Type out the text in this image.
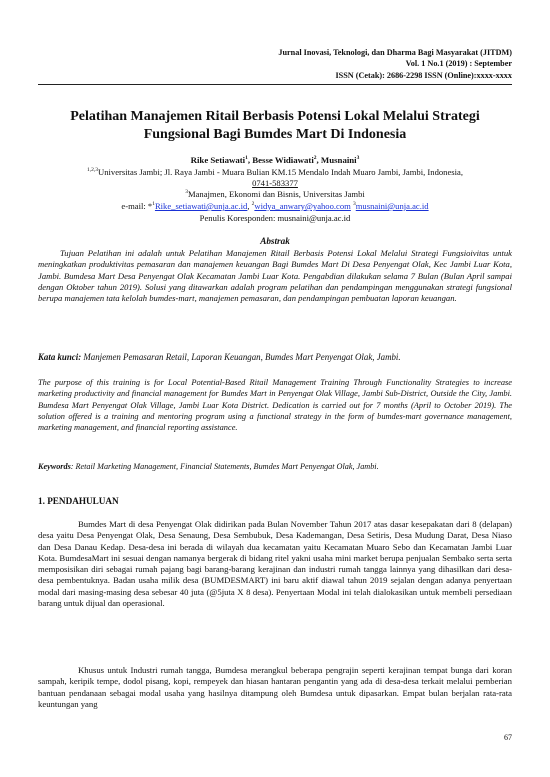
Jurnal Inovasi, Teknologi, dan Dharma Bagi Masyarakat (JITDM)
Vol. 1 No.1 (2019) : September
ISSN (Cetak): 2686-2298 ISSN (Online):xxxx-xxxx
Pelatihan Manajemen Ritail Berbasis Potensi Lokal Melalui Strategi
Fungsional Bagi Bumdes Mart Di Indonesia
Rike Setiawati$^1$, Besse Widiawati$^2$, Musnaini$^3$
$^{1,2,3}$Universitas Jambi; Jl. Raya Jambi - Muara Bulian KM.15 Mendalo Indah Muaro Jambi, Jambi, Indonesia,
0741-583377
$^3$Manajmen, Ekonomi dan Bisnis, Universitas Jambi
e-mail: *$^1$Rike_setiawati@unja.ac.id, $^2$widya_anwary@yahoo.com $^3$musnaini@unja.ac.id
Penulis Koresponden: musnaini@unja.ac.id
Abstrak
Tujuan Pelatihan ini adalah untuk Pelatihan Manajemen Ritail Berbasis Potensi Lokal Melalui Strategi Fungsioivitas untuk meningkatkan produktivitas pemasaran dan manajemen keuangan Bagi Bumdes Mart Di Desa Penyengat Olak, Kec Jambi Luar Kota, Jambi. Bumdesa Mart Desa Penyengat Olak Kecamatan Jambi Luar Kota. Pengabdian dilakukan selama 7 Bulan (Bulan April sampai dengan Oktober tahun 2019). Solusi yang ditawarkan adalah program pelatihan dan pendampingan menggunakan strategi fungsional berupa manajemen tata kelolah bumdes-mart, manajemen pemasaran, dan pendampingan pembuatan laporan keuangan.
Kata kunci: Manjemen Pemasaran Retail, Laporan Keuangan, Bumdes Mart Penyengat Olak, Jambi.
The purpose of this training is for Local Potential-Based Ritail Management Training Through Functionality Strategies to increase marketing productivity and financial management for Bumdes Mart in Penyengat Olak Village, Jambi Sub-District, Outside the City, Jambi. Bumdesa Mart Penyengat Olak Village, Jambi Luar Kota District. Dedication is carried out for 7 months (April to October 2019). The solution offered is a training and mentoring program using a functional strategy in the form of bumdes-mart governance management, marketing management, and financial reporting assistance.
Keywords: Retail Marketing Management, Financial Statements, Bumdes Mart Penyengat Olak, Jambi.
1. PENDAHULUAN
Bumdes Mart di desa Penyengat Olak didirikan pada Bulan November Tahun 2017 atas dasar kesepakatan dari 8 (delapan) desa yaitu Desa Penyengat Olak, Desa Senaung, Desa Sembubuk, Desa Kademangan, Desa Setiris, Desa Mudung Darat, Desa Niaso dan Desa Danau Kedap. Desa-desa ini berada di wilayah dua kecamatan yaitu Kecamatan Muaro Sebo dan Kecamatan Jambi Luar Kota. BumdesaMart ini sesuai dengan namanya bergerak di bidang ritel yakni usaha mini market berupa penjualan Sembako serta serta memposisikan diri sebagai rumah pajang bagi barang-barang kerajinan dan industri rumah tangga lainnya yang dihasilkan dari desa-desa pembentuknya. Badan usaha milik desa (BUMDESMART) ini baru aktif diawal tahun 2019 sejalan dengan adanya penyertaan modal dari masing-masing desa sebesar 40 juta (@5juta X 8 desa). Penyertaan Modal ini telah dialokasikan untuk membeli persediaan barang untuk dijual dan operasional.
Khusus untuk Industri rumah tangga, Bumdesa merangkul beberapa pengrajin seperti kerajinan tempat bunga dari koran sampah, keripik tempe, dodol pisang, kopi, rempeyek dan hiasan hantaran pengantin yang ada di desa-desa terkait melalui pemberian bantuan pendanaan sebagai modal usaha yang hasilnya ditampung oleh Bumdesa untuk dipasarkan. Empat bulan berjalan rata-rata keuntungan yang
67
